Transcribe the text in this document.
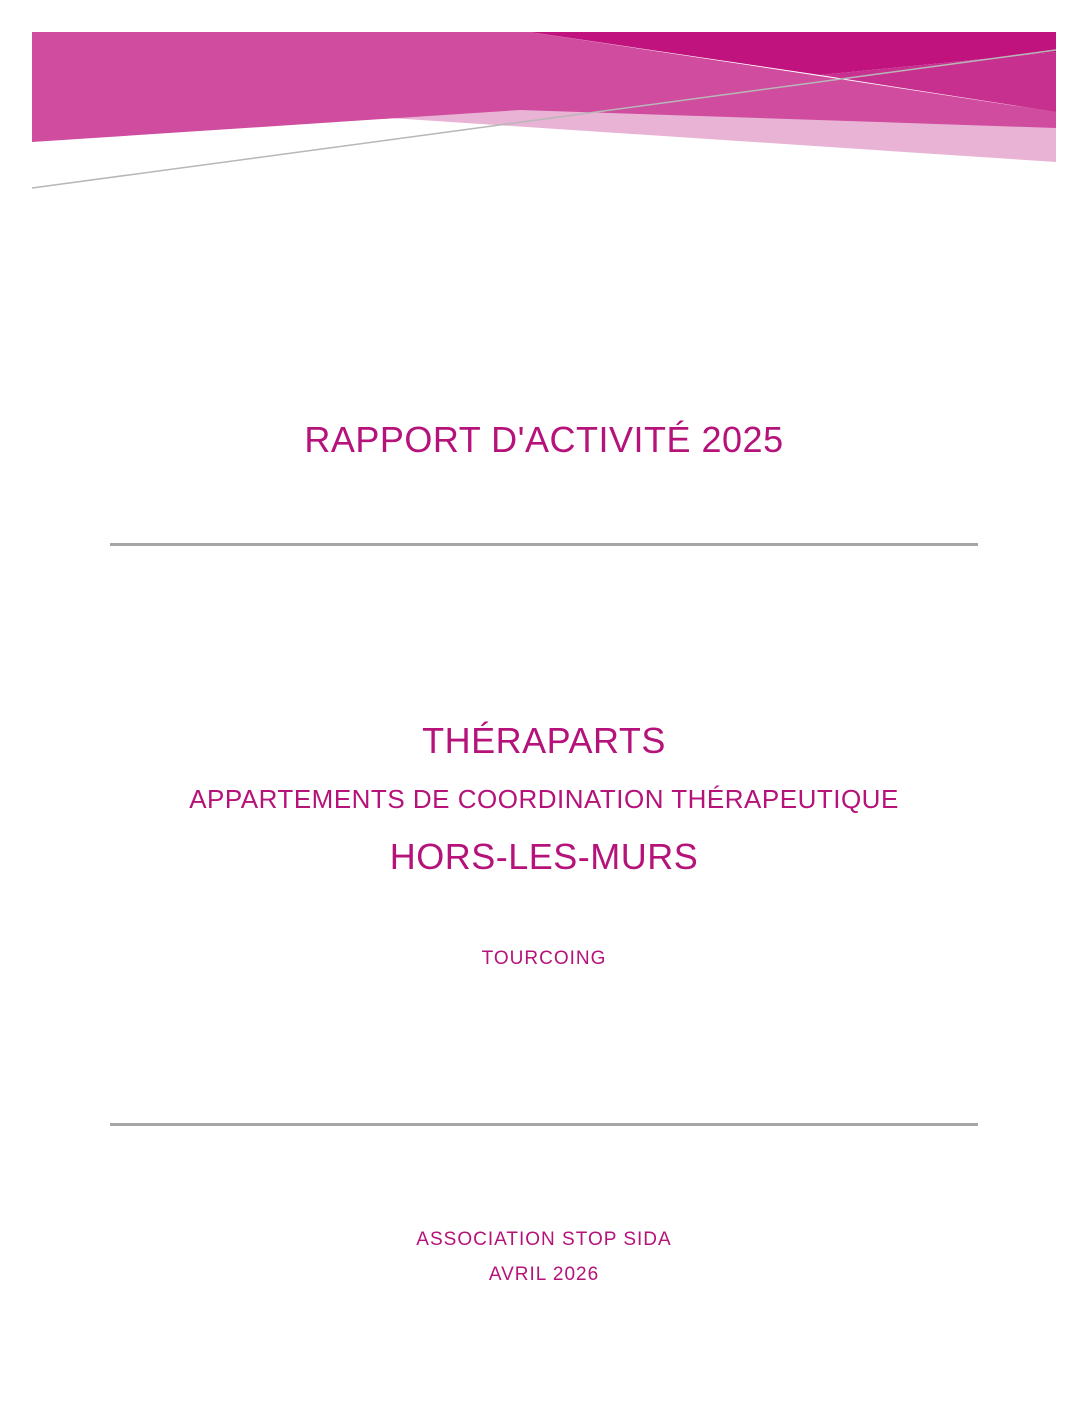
RAPPORT D'ACTIVITÉ 2025
THÉRAPARTS
APPARTEMENTS DE COORDINATION THÉRAPEUTIQUE
HORS-LES-MURS
TOURCOING
ASSOCIATION STOP SIDA
AVRIL 2026
